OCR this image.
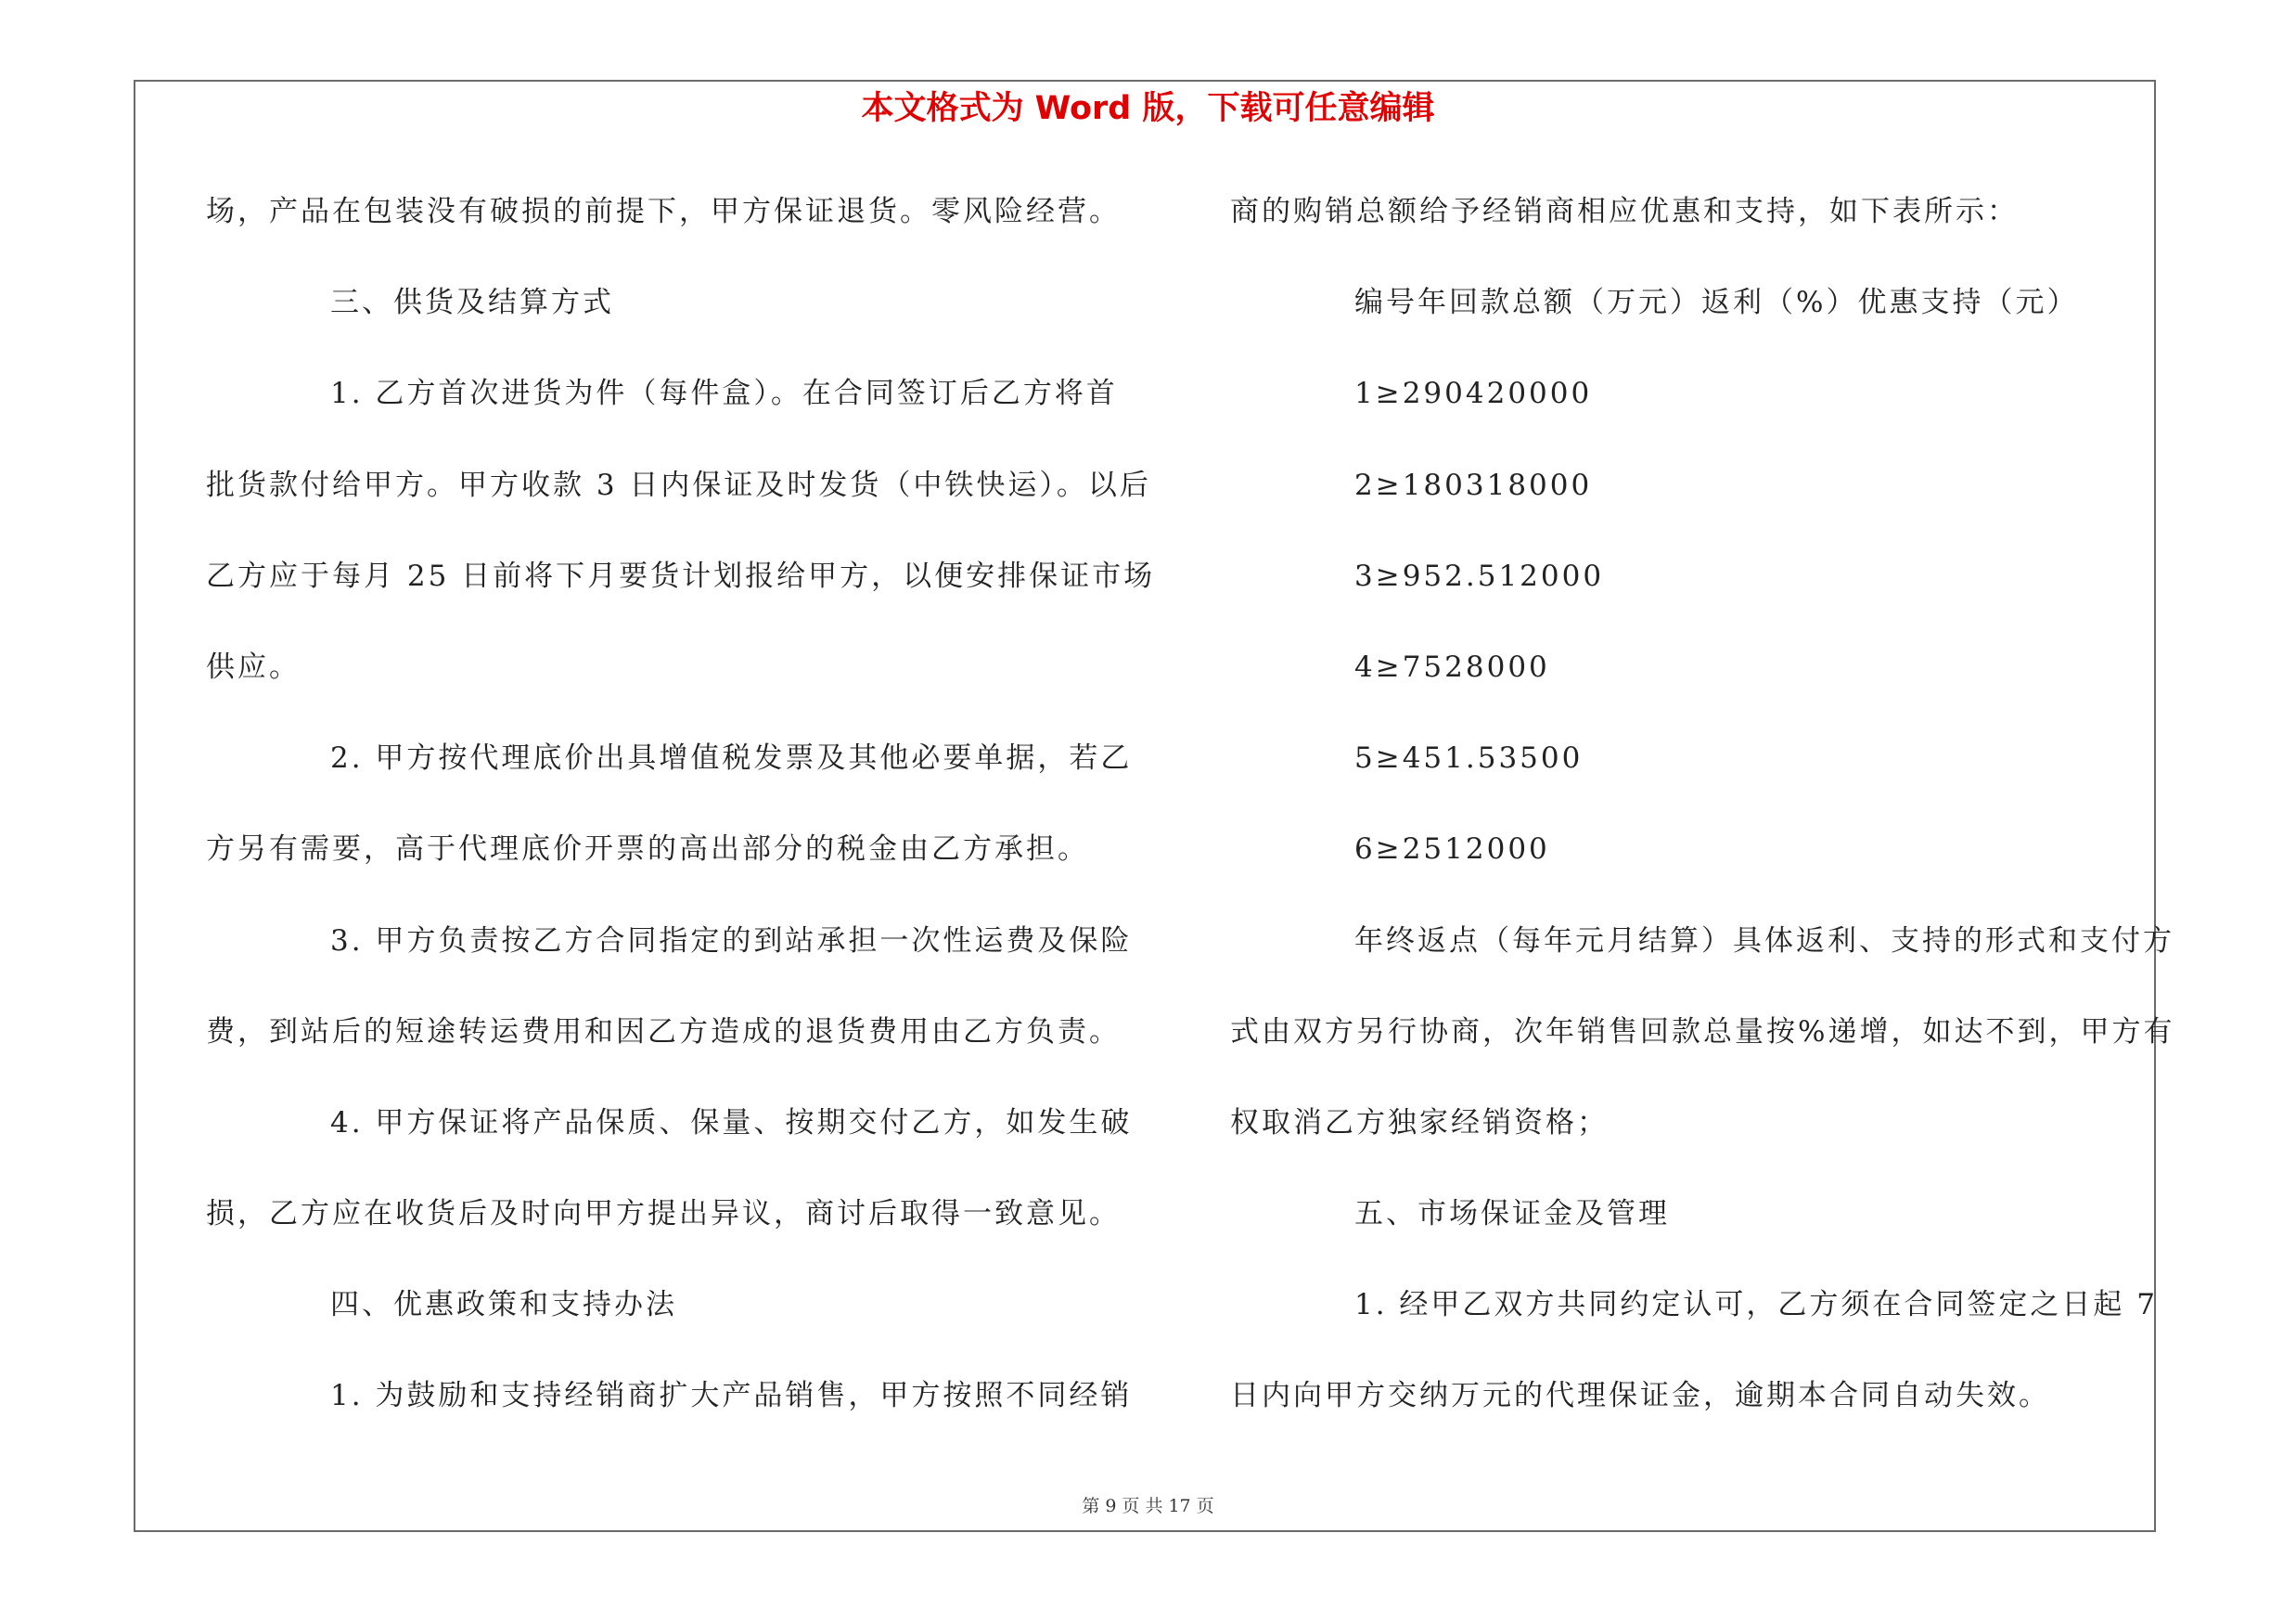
本文格式为 Word 版，下载可任意编辑

场，产品在包装没有破损的前提下，甲方保证退货。零风险经营。

三、供货及结算方式

1. 乙方首次进货为件（每件盒）。在合同签订后乙方将首

批货款付给甲方。甲方收款 3 日内保证及时发货（中铁快运）。以后

乙方应于每月 25 日前将下月要货计划报给甲方，以便安排保证市场

供应。

2. 甲方按代理底价出具增值税发票及其他必要单据，若乙

方另有需要，高于代理底价开票的高出部分的税金由乙方承担。

3. 甲方负责按乙方合同指定的到站承担一次性运费及保险

费，到站后的短途转运费用和因乙方造成的退货费用由乙方负责。

4. 甲方保证将产品保质、保量、按期交付乙方，如发生破

损，乙方应在收货后及时向甲方提出异议，商讨后取得一致意见。

四、优惠政策和支持办法

1. 为鼓励和支持经销商扩大产品销售，甲方按照不同经销

商的购销总额给予经销商相应优惠和支持，如下表所示：

编号年回款总额（万元）返利（%）优惠支持（元）

1≥290420000

2≥180318000

3≥952.512000

4≥7528000

5≥451.53500

6≥2512000

年终返点（每年元月结算）具体返利、支持的形式和支付方

式由双方另行协商，次年销售回款总量按%递增，如达不到，甲方有

权取消乙方独家经销资格；

五、市场保证金及管理

1. 经甲乙双方共同约定认可，乙方须在合同签定之日起 7

日内向甲方交纳万元的代理保证金，逾期本合同自动失效。

第 9 页 共 17 页
